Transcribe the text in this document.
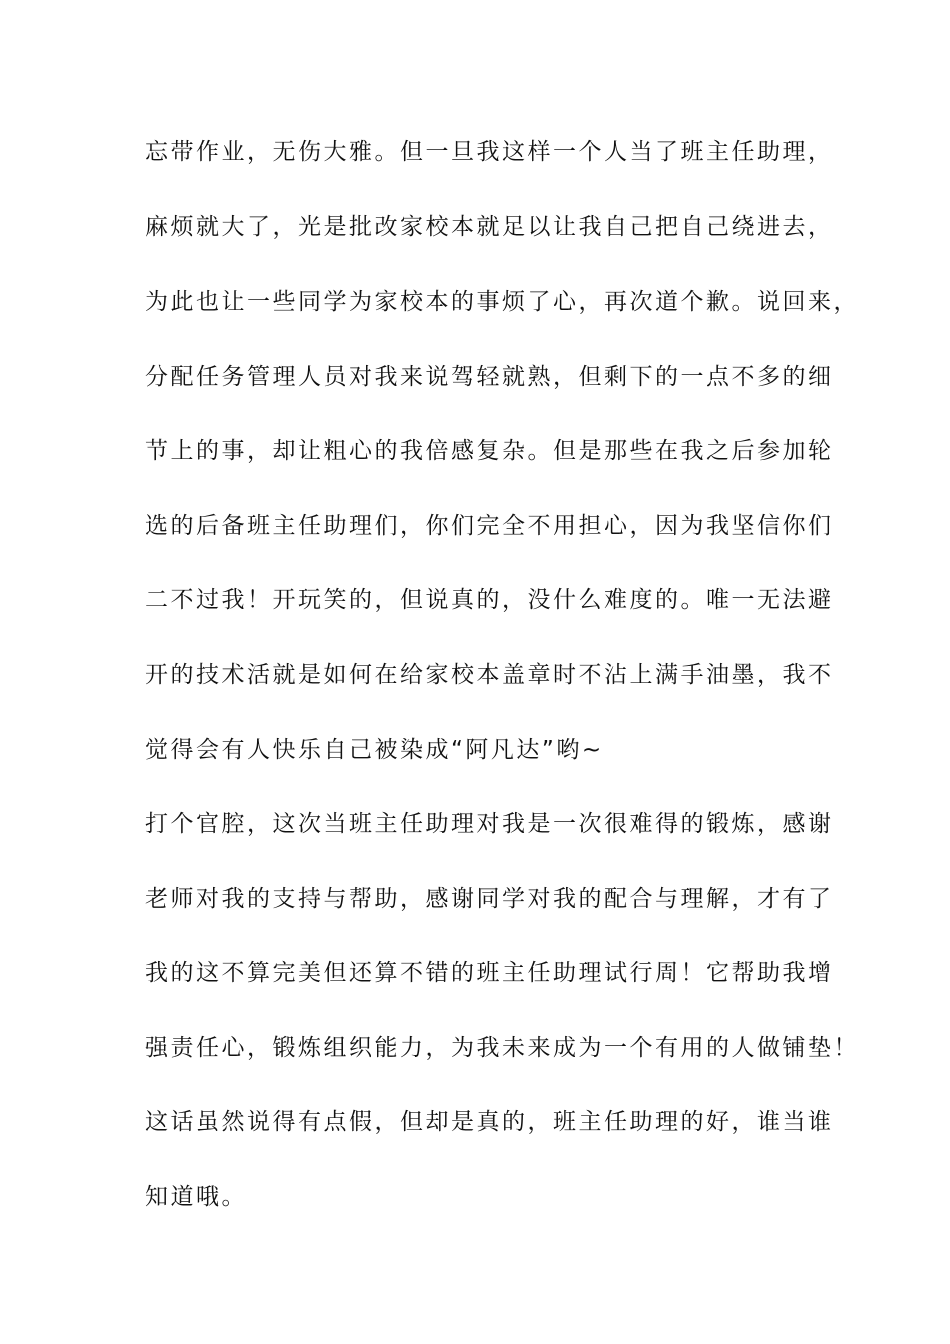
忘带作业，无伤大雅。但一旦我这样一个人当了班主任助理，
麻烦就大了，光是批改家校本就足以让我自己把自己绕进去，
为此也让一些同学为家校本的事烦了心，再次道个歉。说回来，
分配任务管理人员对我来说驾轻就熟，但剩下的一点不多的细
节上的事，却让粗心的我倍感复杂。但是那些在我之后参加轮
选的后备班主任助理们，你们完全不用担心，因为我坚信你们
二不过我！开玩笑的，但说真的，没什么难度的。唯一无法避
开的技术活就是如何在给家校本盖章时不沾上满手油墨，我不
觉得会有人快乐自己被染成“阿凡达”哟~
打个官腔，这次当班主任助理对我是一次很难得的锻炼，感谢
老师对我的支持与帮助，感谢同学对我的配合与理解，才有了
我的这不算完美但还算不错的班主任助理试行周！它帮助我增
强责任心，锻炼组织能力，为我未来成为一个有用的人做铺垫！
这话虽然说得有点假，但却是真的，班主任助理的好，谁当谁
知道哦。
